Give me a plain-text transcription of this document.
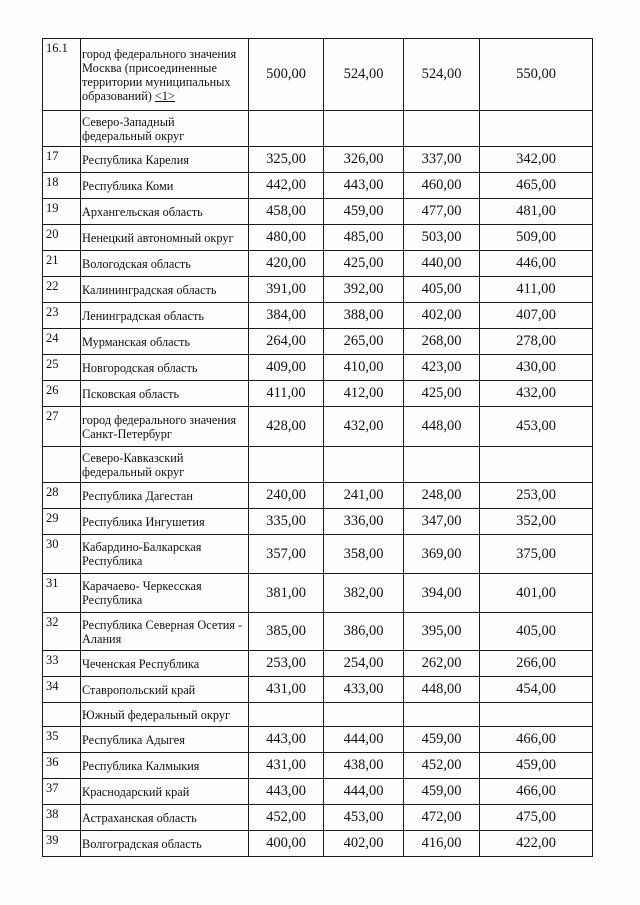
16.1	город федерального значения Москва (присоединенные территории муниципальных образований) <1>	500,00	524,00	524,00	550,00
	Северо-Западный федеральный округ				
17	Республика Карелия	325,00	326,00	337,00	342,00
18	Республика Коми	442,00	443,00	460,00	465,00
19	Архангельская область	458,00	459,00	477,00	481,00
20	Ненецкий автономный округ	480,00	485,00	503,00	509,00
21	Вологодская область	420,00	425,00	440,00	446,00
22	Калининградская область	391,00	392,00	405,00	411,00
23	Ленинградская область	384,00	388,00	402,00	407,00
24	Мурманская область	264,00	265,00	268,00	278,00
25	Новгородская область	409,00	410,00	423,00	430,00
26	Псковская область	411,00	412,00	425,00	432,00
27	город федерального значения Санкт-Петербург	428,00	432,00	448,00	453,00
	Северо-Кавказский федеральный округ				
28	Республика Дагестан	240,00	241,00	248,00	253,00
29	Республика Ингушетия	335,00	336,00	347,00	352,00
30	Кабардино-Балкарская Республика	357,00	358,00	369,00	375,00
31	Карачаево- Черкесская Республика	381,00	382,00	394,00	401,00
32	Республика Северная Осетия - Алания	385,00	386,00	395,00	405,00
33	Чеченская Республика	253,00	254,00	262,00	266,00
34	Ставропольский край	431,00	433,00	448,00	454,00
	Южный федеральный округ				
35	Республика Адыгея	443,00	444,00	459,00	466,00
36	Республика Калмыкия	431,00	438,00	452,00	459,00
37	Краснодарский край	443,00	444,00	459,00	466,00
38	Астраханская область	452,00	453,00	472,00	475,00
39	Волгоградская область	400,00	402,00	416,00	422,00
